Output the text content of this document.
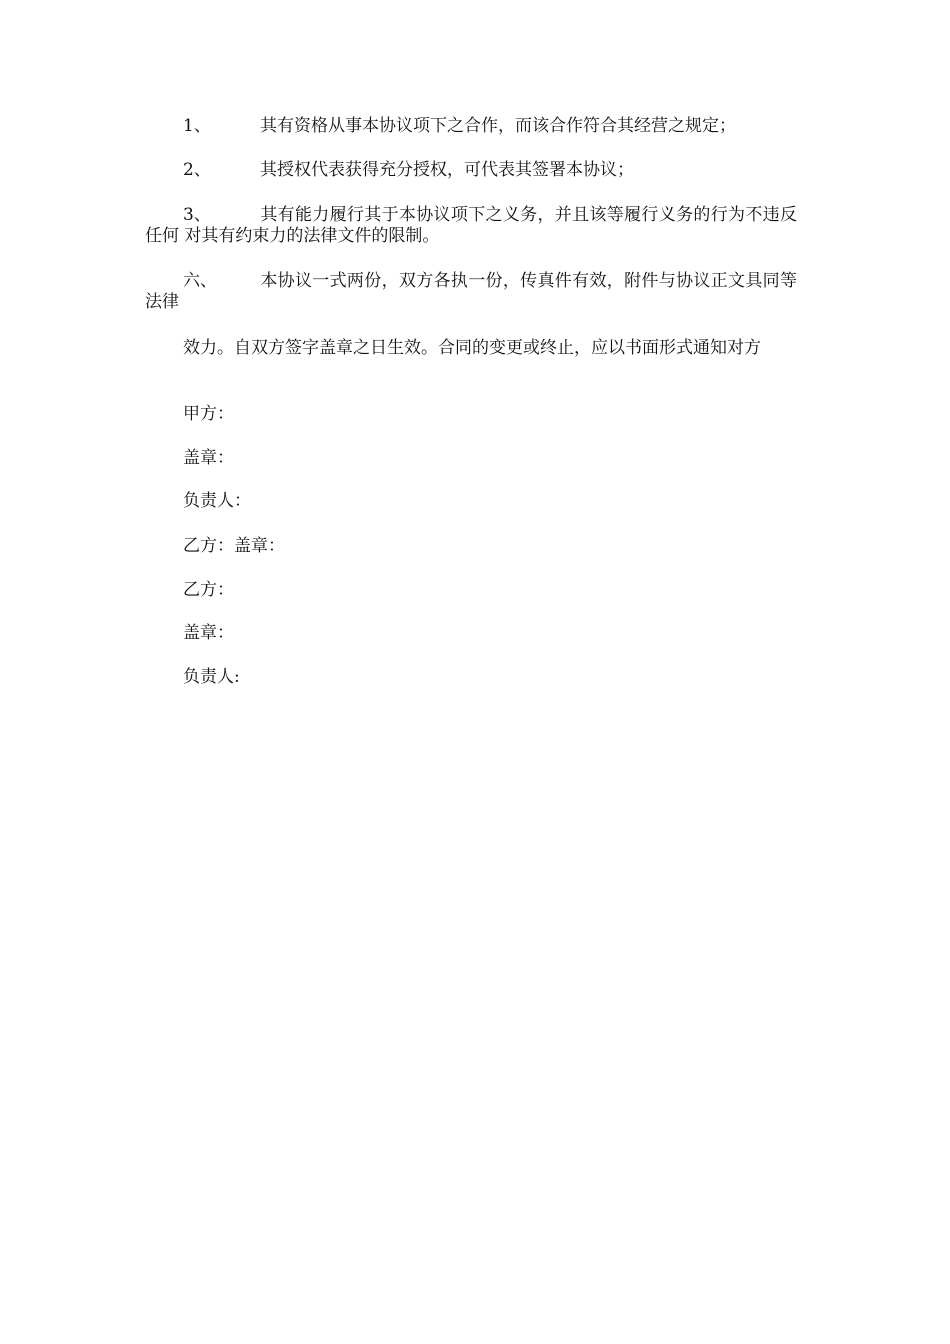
1、	其有资格从事本协议项下之合作，而该合作符合其经营之规定；

2、	其授权代表获得充分授权，可代表其签署本协议；

3、	其有能力履行其于本协议项下之义务，并且该等履行义务的行为不违反任何 对其有约束力的法律文件的限制。

六、	本协议一式两份，双方各执一份，传真件有效，附件与协议正文具同等法律

效力。自双方签字盖章之日生效。合同的变更或终止，应以书面形式通知对方

甲方：

盖章：

负责人：

乙方：盖章：

乙方：

盖章：

负责人:
